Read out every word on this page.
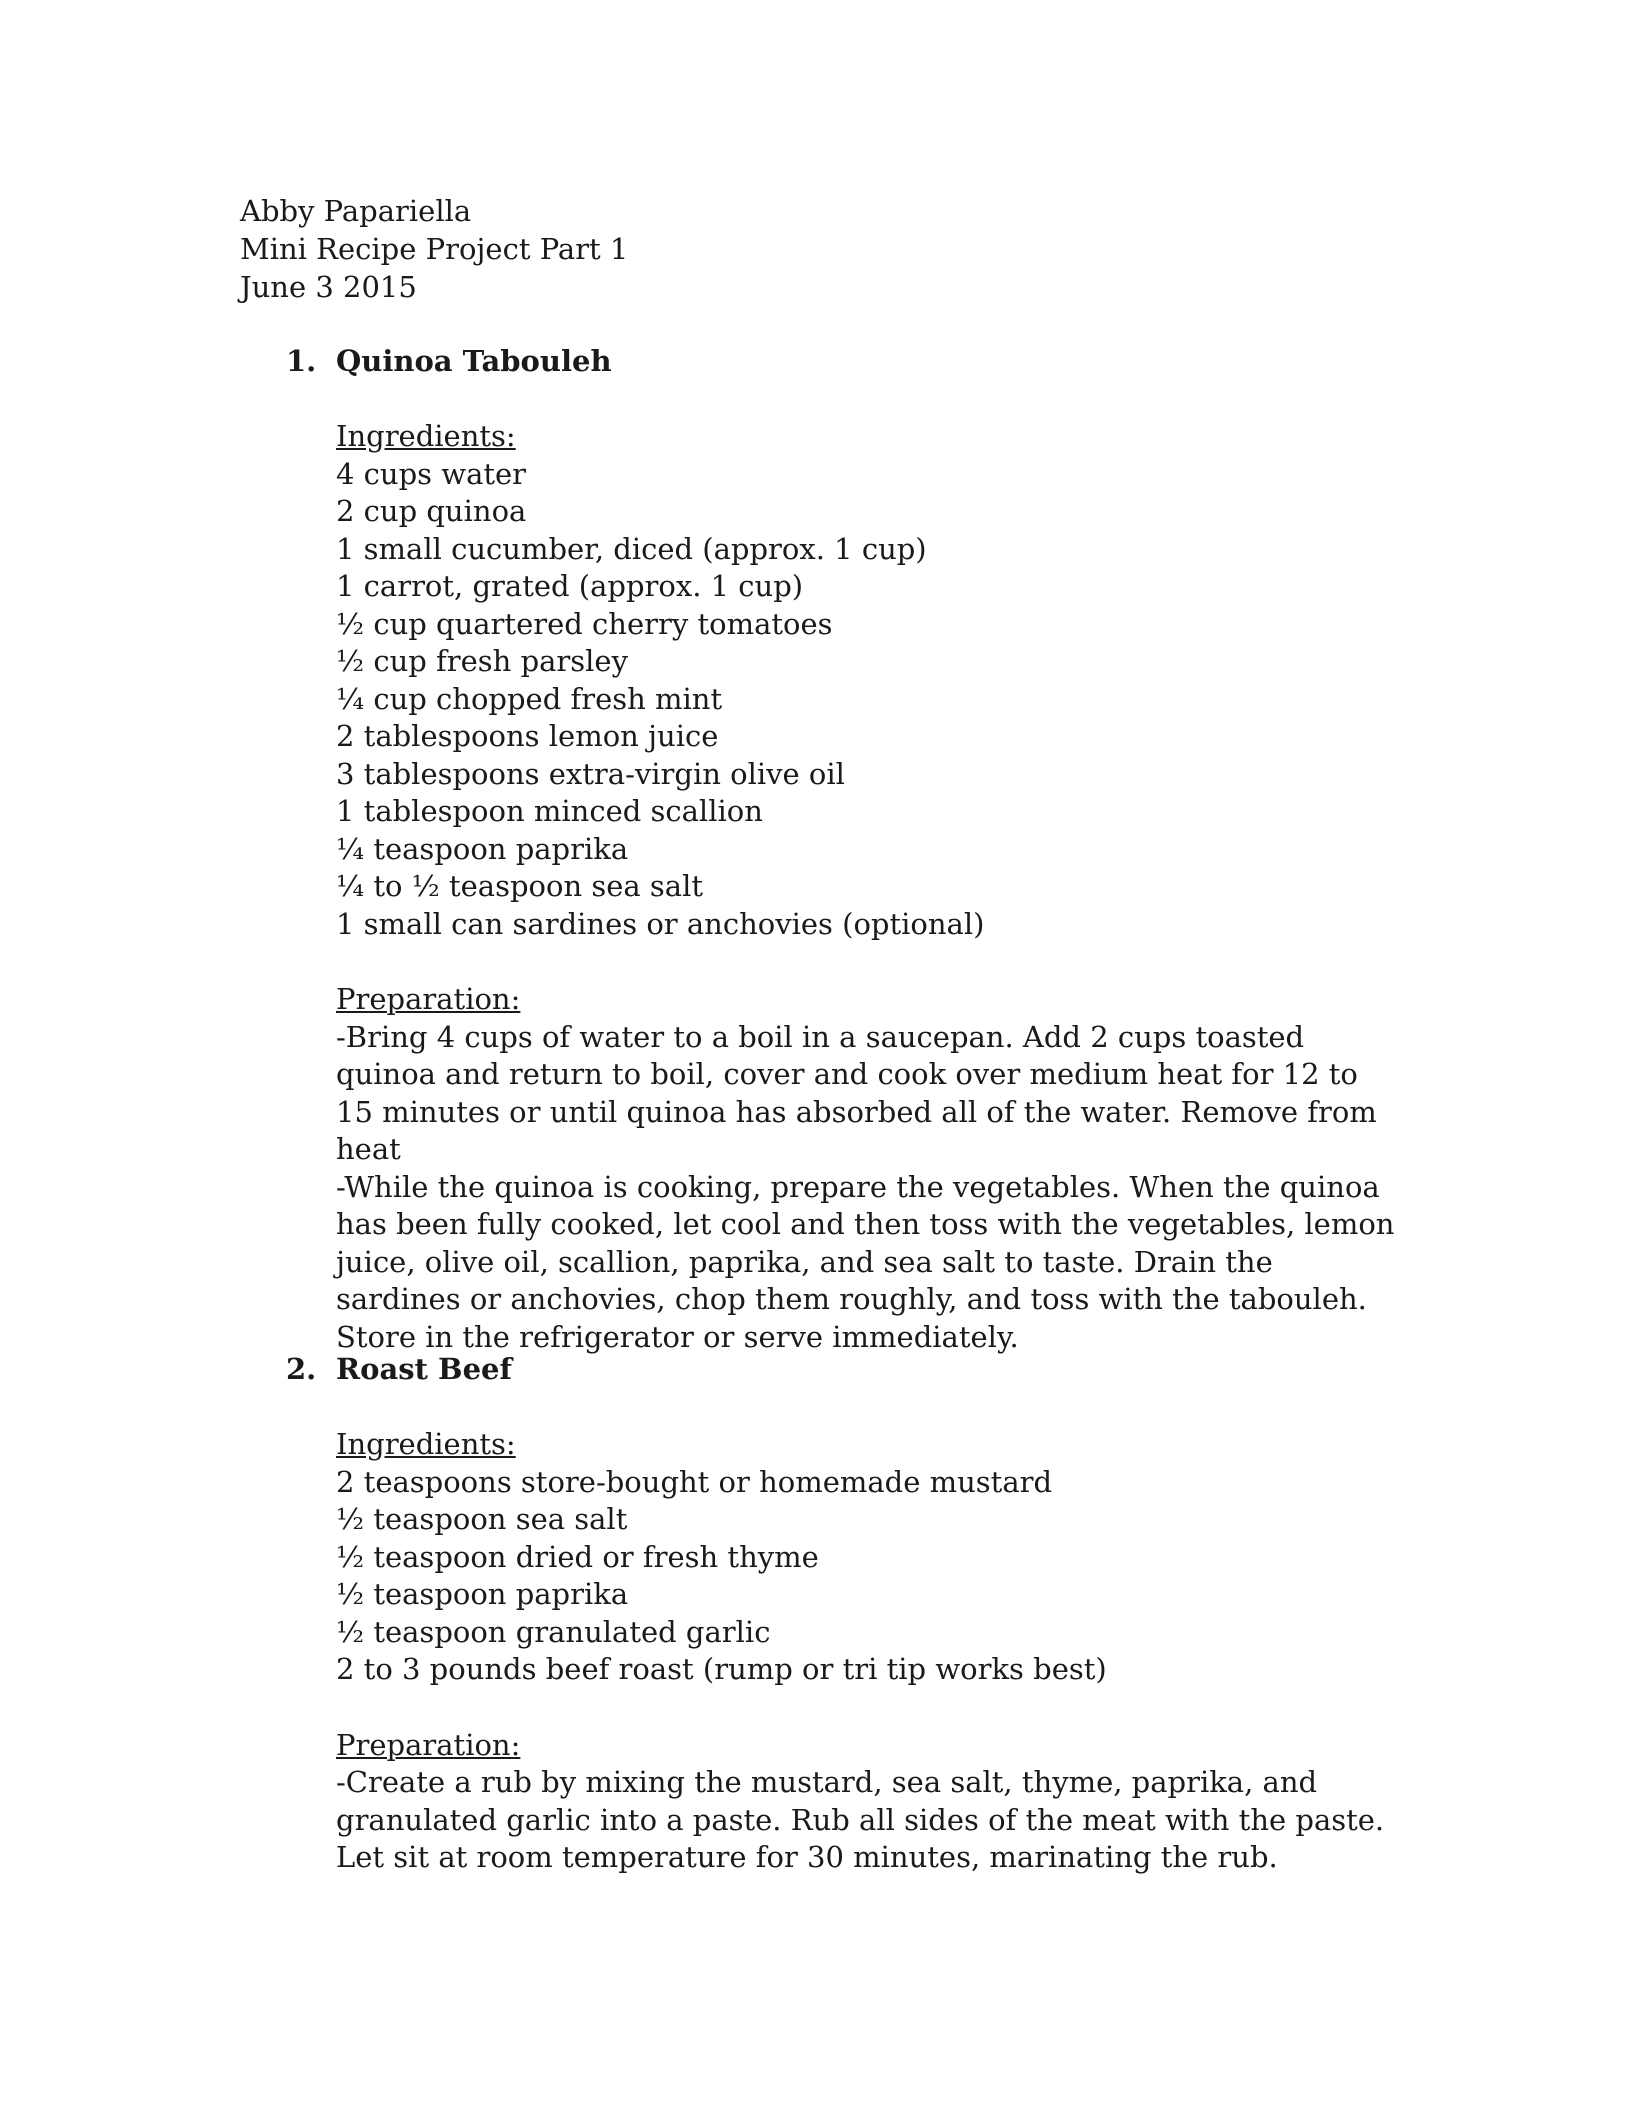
Abby Papariella
Mini Recipe Project Part 1
June 3 2015
1. Quinoa Tabouleh
Ingredients:
4 cups water
2 cup quinoa
1 small cucumber, diced (approx. 1 cup)
1 carrot, grated (approx. 1 cup)
½ cup quartered cherry tomatoes
½ cup fresh parsley
¼ cup chopped fresh mint
2 tablespoons lemon juice
3 tablespoons extra-virgin olive oil
1 tablespoon minced scallion
¼ teaspoon paprika
¼ to ½ teaspoon sea salt
1 small can sardines or anchovies (optional)
Preparation:
-Bring 4 cups of water to a boil in a saucepan. Add 2 cups toasted quinoa and return to boil, cover and cook over medium heat for 12 to 15 minutes or until quinoa has absorbed all of the water. Remove from heat
-While the quinoa is cooking, prepare the vegetables. When the quinoa has been fully cooked, let cool and then toss with the vegetables, lemon juice, olive oil, scallion, paprika, and sea salt to taste. Drain the sardines or anchovies, chop them roughly, and toss with the tabouleh. Store in the refrigerator or serve immediately.
2. Roast Beef
Ingredients:
2 teaspoons store-bought or homemade mustard
½ teaspoon sea salt
½ teaspoon dried or fresh thyme
½ teaspoon paprika
½ teaspoon granulated garlic
2 to 3 pounds beef roast (rump or tri tip works best)
Preparation:
-Create a rub by mixing the mustard, sea salt, thyme, paprika, and granulated garlic into a paste. Rub all sides of the meat with the paste. Let sit at room temperature for 30 minutes, marinating the rub.
